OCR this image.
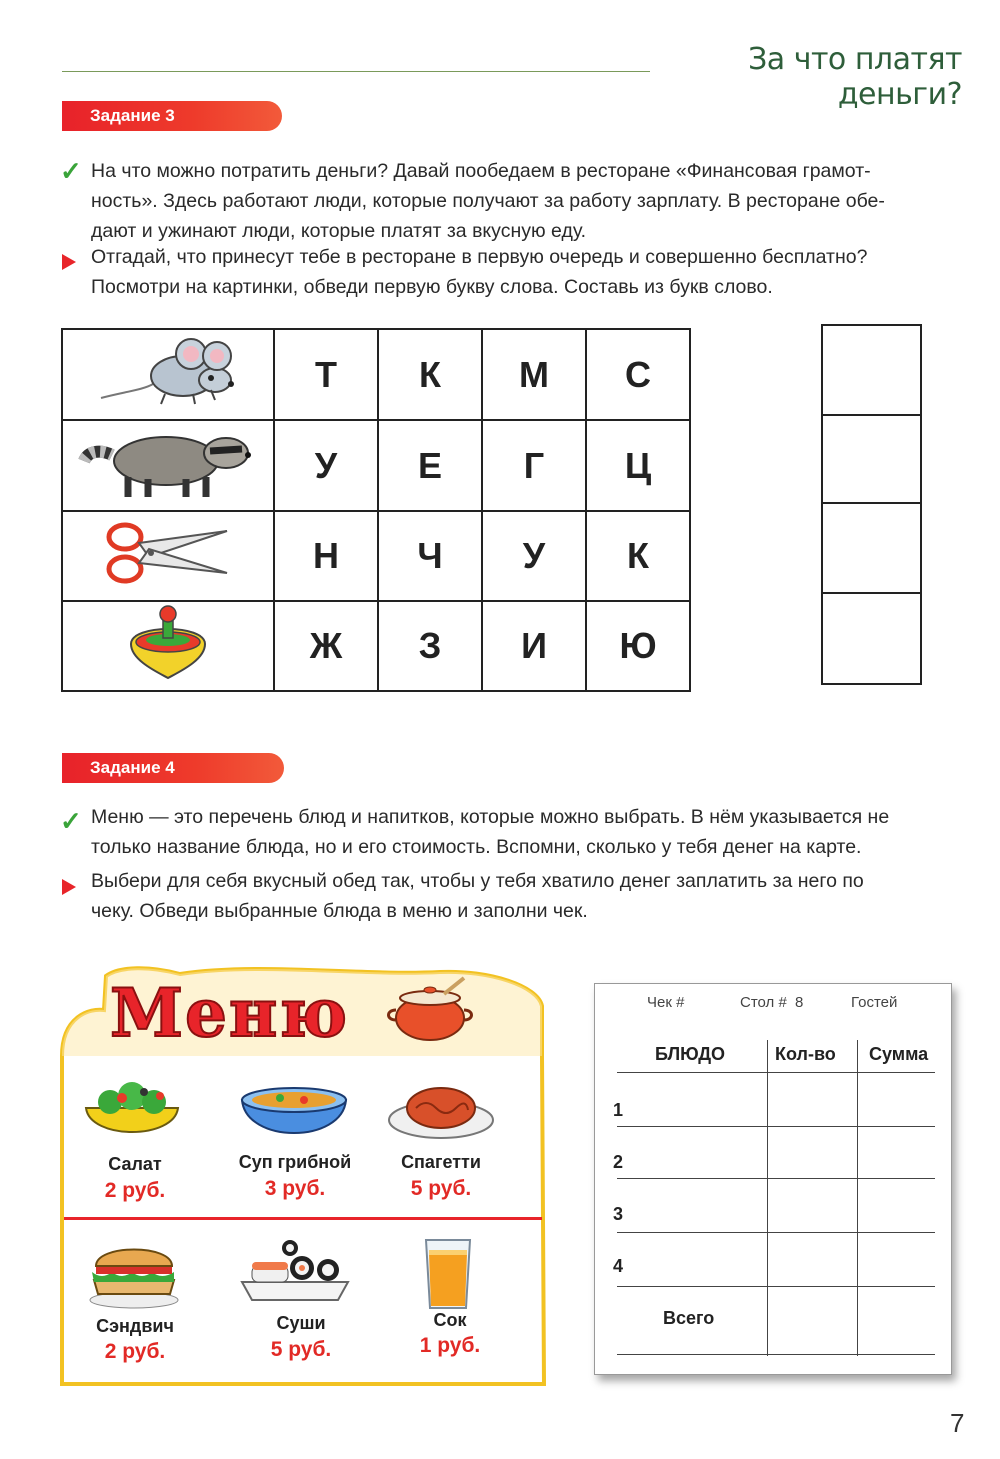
За что платят деньги?
Задание 3
✓ На что можно потратить деньги? Давай пообедаем в ресторане «Финансовая грамот-
ность». Здесь работают люди, которые получают за работу зарплату. В ресторане обе-
дают и ужинают люди, которые платят за вкусную еду.
Отгадай, что принесут тебе в ресторане в первую очередь и совершенно бесплатно?
Посмотри на картинки, обведи первую букву слова. Составь из букв слово.
	Т	К	М	С
	У	Е	Г	Ц
	Н	Ч	У	К
	Ж	З	И	Ю
Задание 4
✓ Меню — это перечень блюд и напитков, которые можно выбрать. В нём указывается не
только название блюда, но и его стоимость. Вспомни, сколько у тебя денег на карте.
Выбери для себя вкусный обед так, чтобы у тебя хватило денег заплатить за него по
чеку. Обведи выбранные блюда в меню и заполни чек.
Меню
Салат
2 руб.
Суп грибной
3 руб.
Спагетти
5 руб.
Сэндвич
2 руб.
Суши
5 руб.
Сок
1 руб.
Чек #	Стол # 8	Гостей
БЛЮДО	Кол-во Сумма
1
2
3
4
Всего
7
